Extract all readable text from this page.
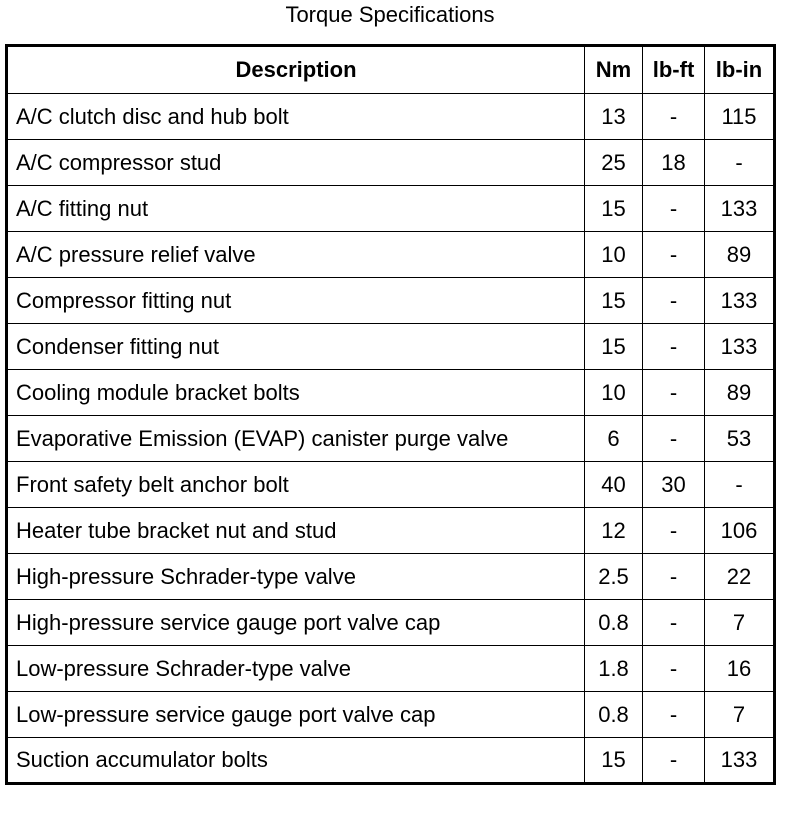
Torque Specifications
Description	Nm	lb-ft	lb-in
A/C clutch disc and hub bolt	13	-	115
A/C compressor stud	25	18	-
A/C fitting nut	15	-	133
A/C pressure relief valve	10	-	89
Compressor fitting nut	15	-	133
Condenser fitting nut	15	-	133
Cooling module bracket bolts	10	-	89
Evaporative Emission (EVAP) canister purge valve	6	-	53
Front safety belt anchor bolt	40	30	-
Heater tube bracket nut and stud	12	-	106
High-pressure Schrader-type valve	2.5	-	22
High-pressure service gauge port valve cap	0.8	-	7
Low-pressure Schrader-type valve	1.8	-	16
Low-pressure service gauge port valve cap	0.8	-	7
Suction accumulator bolts	15	-	133
